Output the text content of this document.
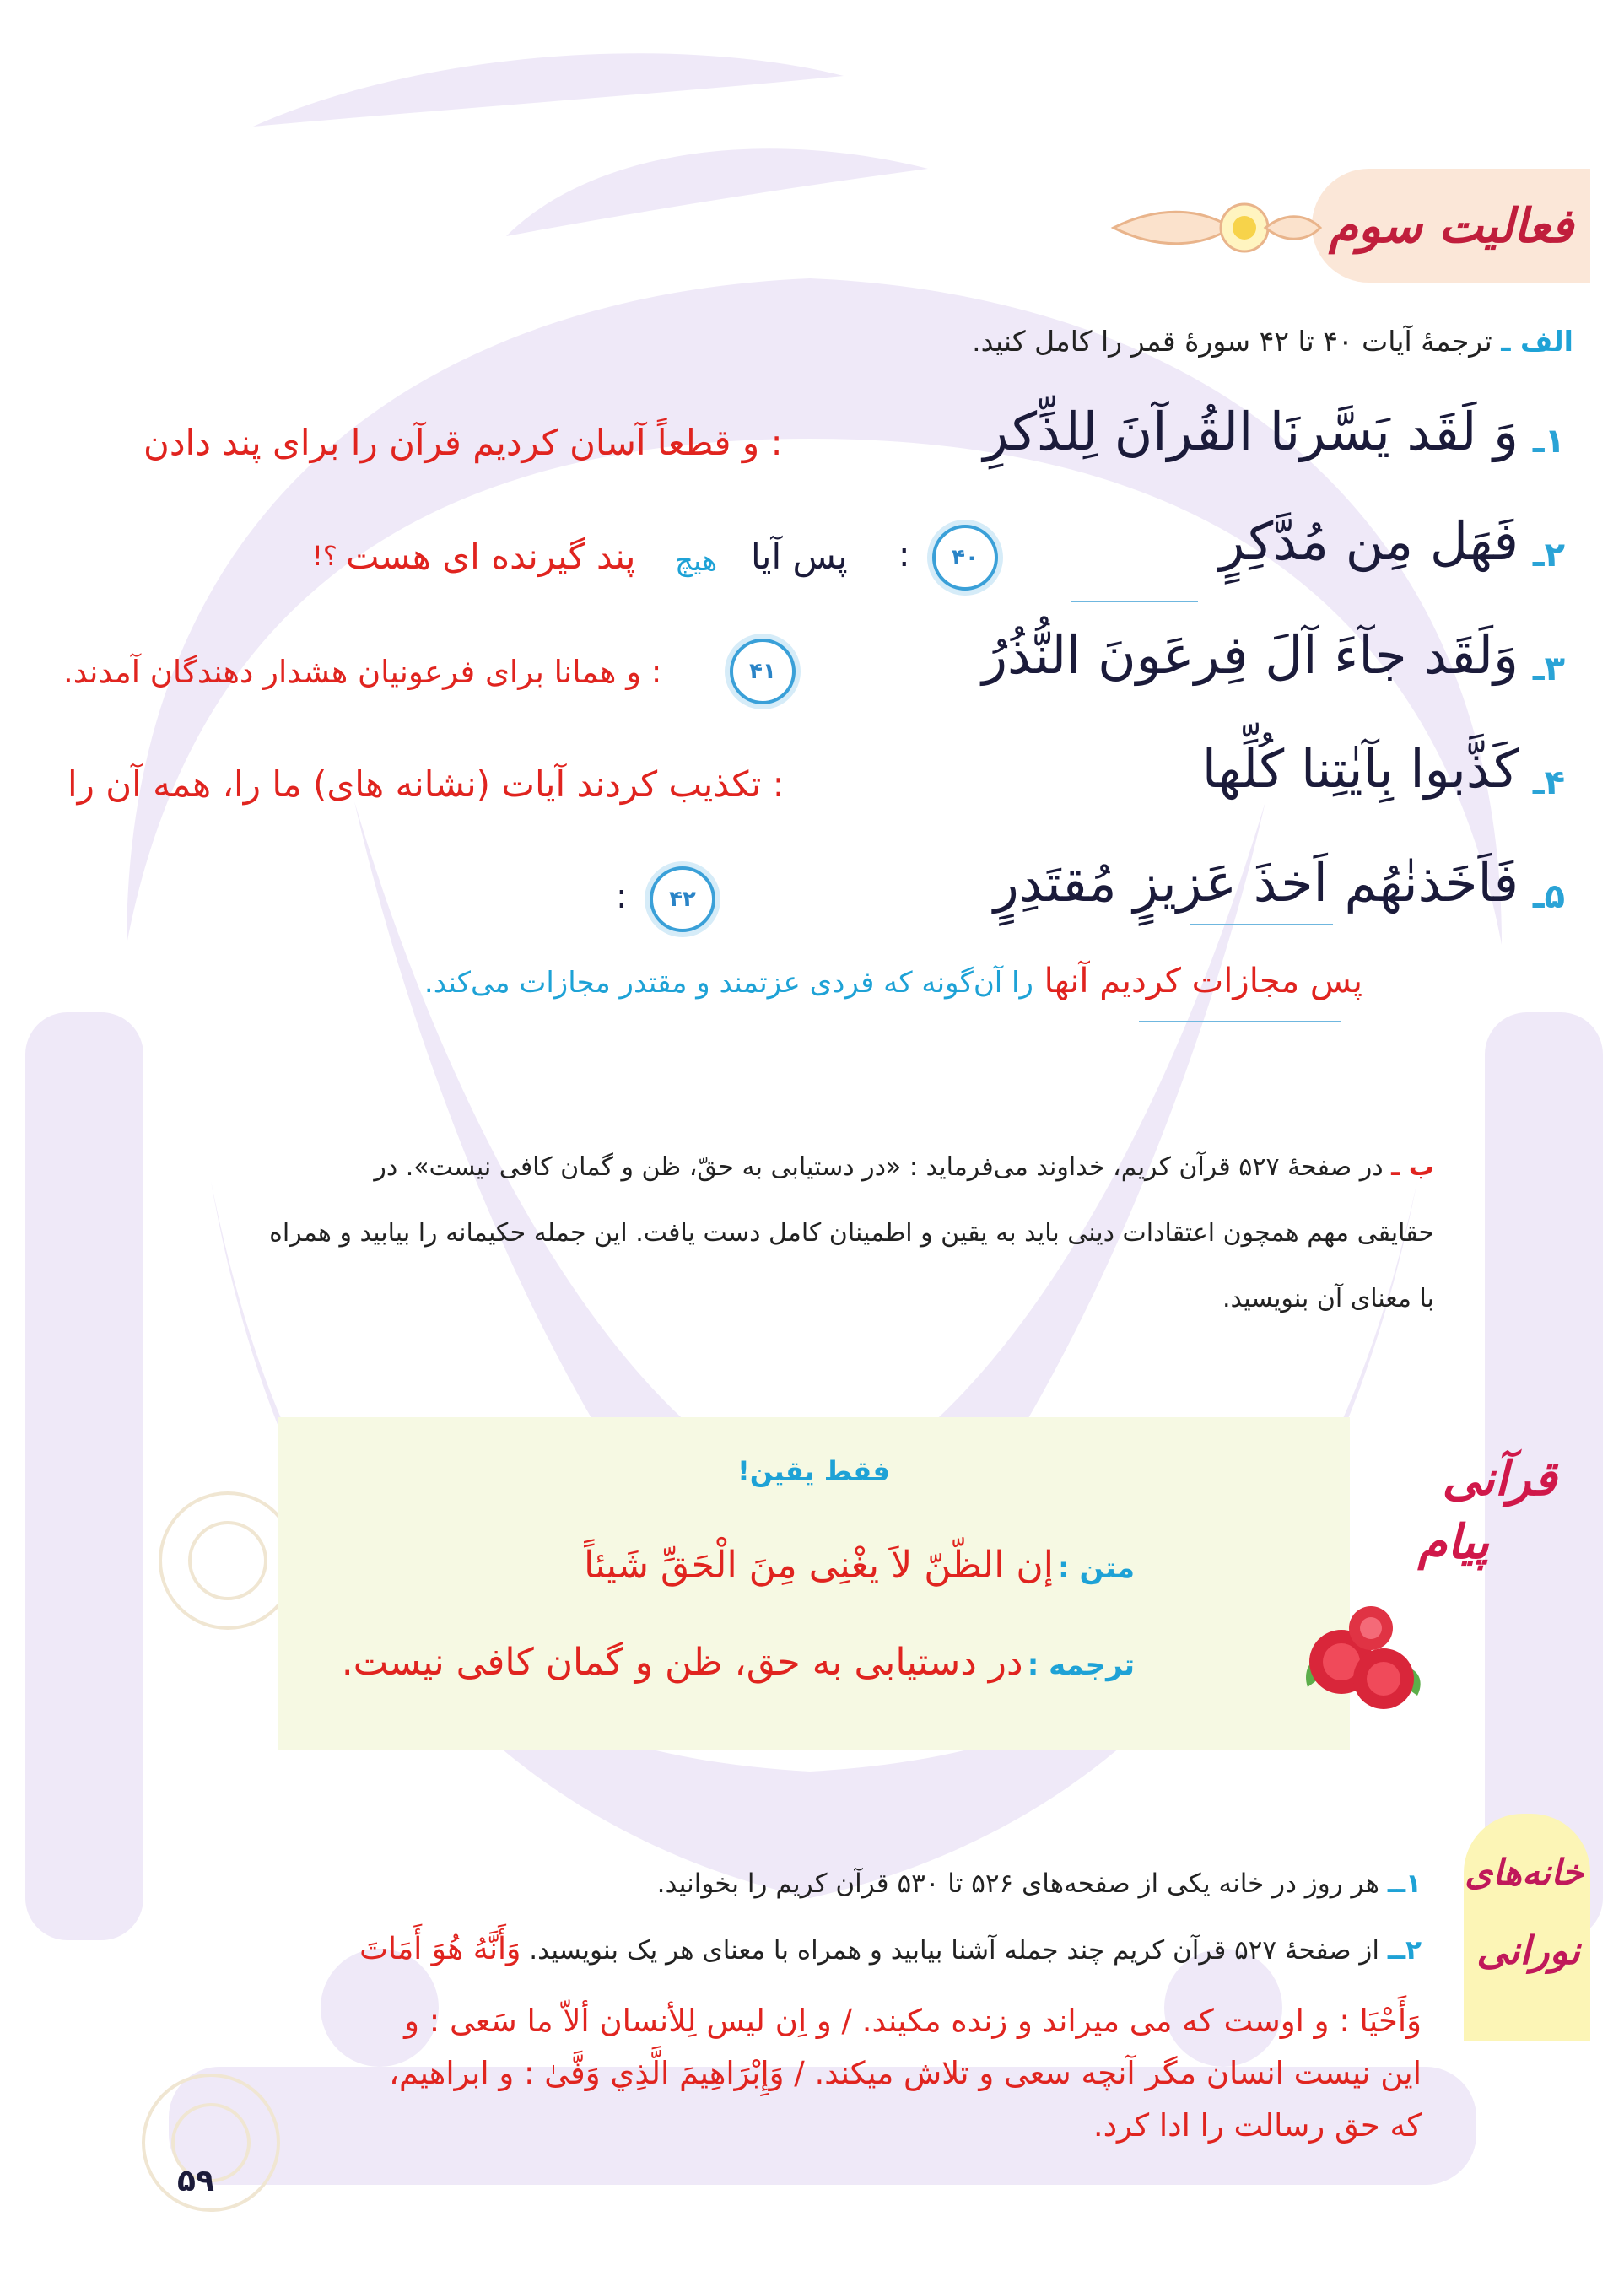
فعالیت سوم
الف ـ ترجمهٔ آیات ۴۰ تا ۴۲ سورهٔ قمر را کامل کنید.
۱ـ
وَ لَقَد یَسَّرنَا القُرآنَ لِلذِّکرِ
: و قطعاً آسان کردیم قرآن را برای پند دادن
۲ـ
فَهَل مِن مُدَّکِرٍ
۴۰
:
پس آیا
هیچ
پند گیرنده ای هست
؟!
۳ـ
وَلَقَد جآءَ آلَ فِرعَونَ النُّذُرُ
۴۱
: و همانا برای فرعونیان هشدار دهندگان آمدند.
۴ـ
کَذَّبوا بِآیٰتِنا کُلِّها
: تکذیب کردند آیات (نشانه های) ما را، همه آن را
۵ـ
فَاَخَذنٰهُم اَخذَ عَزیزٍ مُقتَدِرٍ
۴۲
:
پس مجازات کردیم آنها را آن‌گونه که فردی عزتمند و مقتدر مجازات می‌کند.
ب ـ در صفحهٔ ۵۲۷ قرآن کریم، خداوند می‌فرماید : «در دستیابی به حقّ، ظن و گمان کافی نیست». در
حقایقی مهم همچون اعتقادات دینی باید به یقین و اطمینان کامل دست یافت. این جمله حکیمانه را بیابید و همراه
با معنای آن بنویسید.
قرآنی
پیام
فقط یقین!
متن : إن الظّنّ لاَ یغْنِی مِنَ الْحَقِّ شَیئاً
ترجمه : در دستیابی به حق، ظن و گمان کافی نیست.
خانه‌های
نورانی
۱ــ هر روز در خانه یکی از صفحه‌های ۵۲۶ تا ۵۳۰ قرآن کریم را بخوانید.
۲ــ از صفحهٔ ۵۲۷ قرآن کریم چند جمله آشنا بیابید و همراه با معنای هر یک بنویسید. وَأَنَّهُ هُوَ أَمَاتَ
وَأَحْيَا : و اوست که می میراند و زنده مکیند. / و اِن لیس لِلأنسان ألاّ ما سَعی : و
این نیست انسان مگر آنچه سعی و تلاش میکند. / وَإِبْرَاهِيمَ الَّذِي وَفَّىٰ : و ابراهیم،
که حق رسالت را ادا کرد.
۵۹
